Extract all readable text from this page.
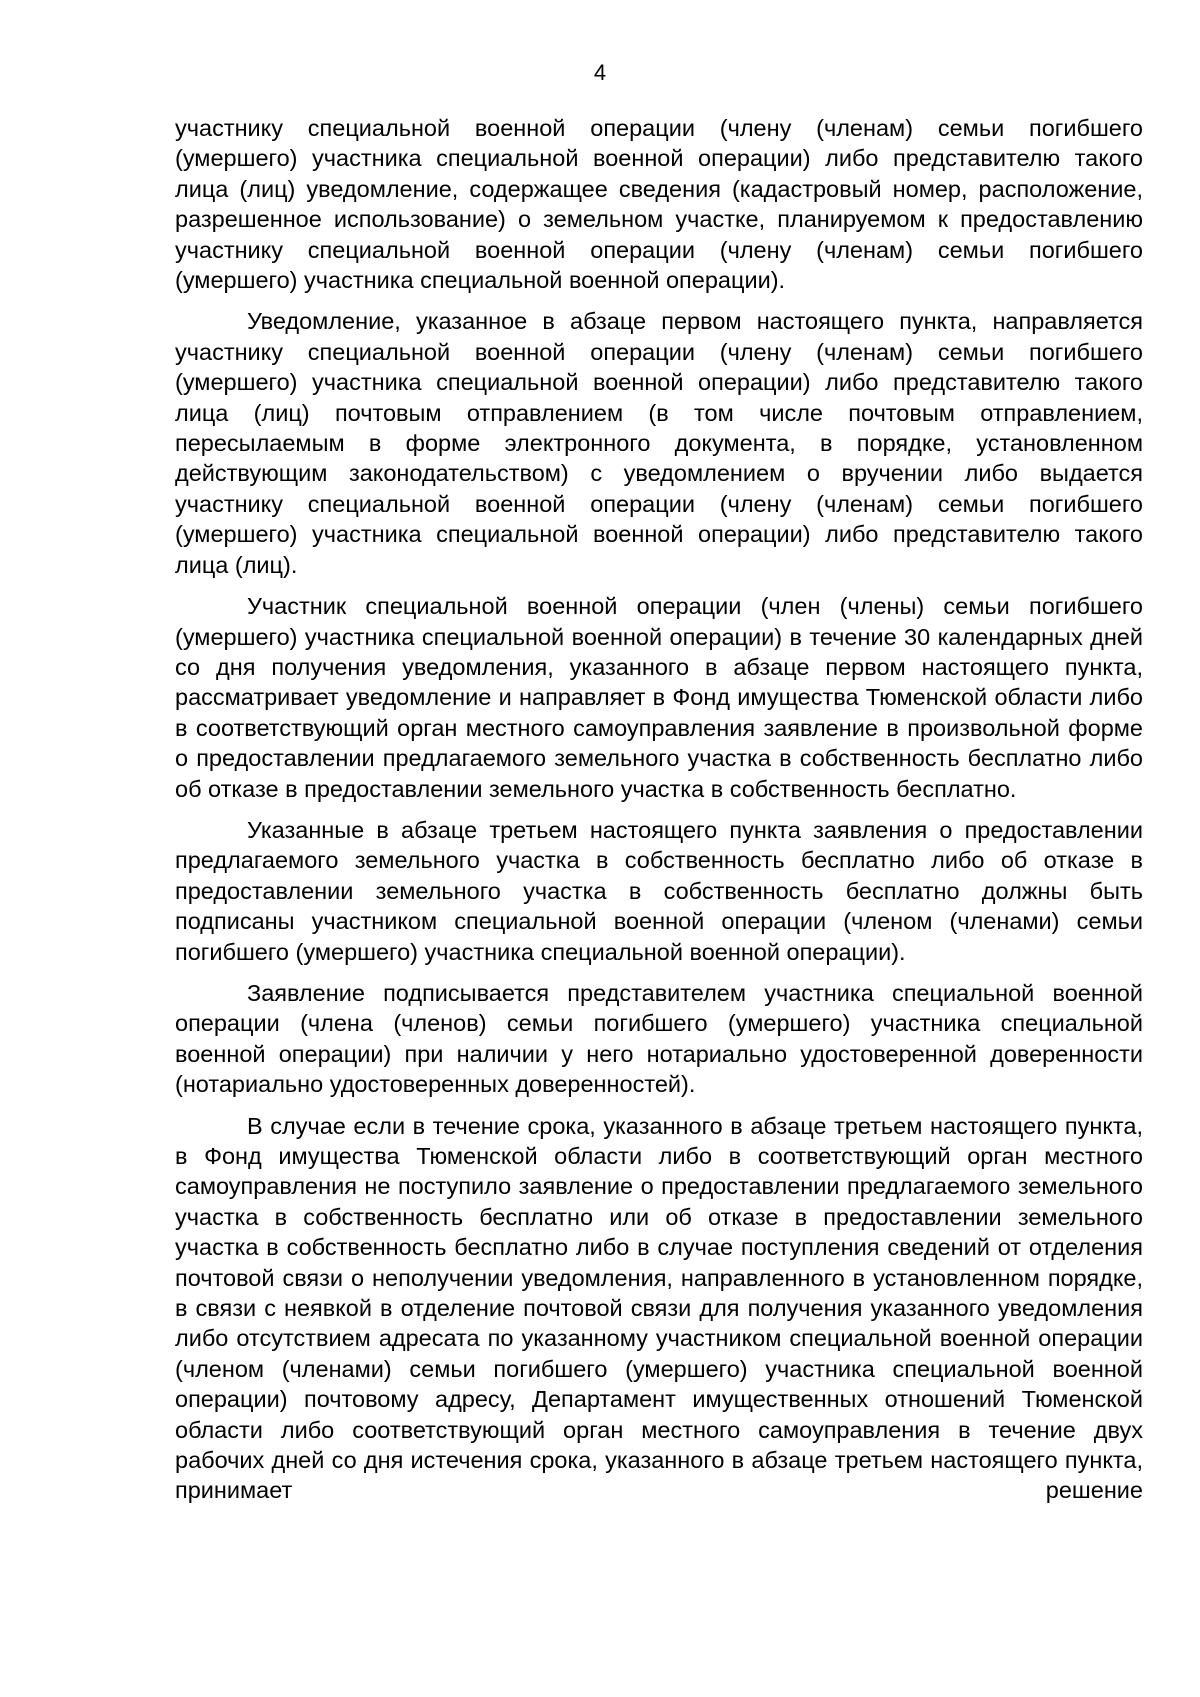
4

участнику специальной военной операции (члену (членам) семьи погибшего (умершего) участника специальной военной операции) либо представителю такого лица (лиц) уведомление, содержащее сведения (кадастровый номер, расположение, разрешенное использование) о земельном участке, планируемом к предоставлению участнику специальной военной операции (члену (членам) семьи погибшего (умершего) участника специальной военной операции).

Уведомление, указанное в абзаце первом настоящего пункта, направляется участнику специальной военной операции (члену (членам) семьи погибшего (умершего) участника специальной военной операции) либо представителю такого лица (лиц) почтовым отправлением (в том числе почтовым отправлением, пересылаемым в форме электронного документа, в порядке, установленном действующим законодательством) с уведомлением о вручении либо выдается участнику специальной военной операции (члену (членам) семьи погибшего (умершего) участника специальной военной операции) либо представителю такого лица (лиц).

Участник специальной военной операции (член (члены) семьи погибшего (умершего) участника специальной военной операции) в течение 30 календарных дней со дня получения уведомления, указанного в абзаце первом настоящего пункта, рассматривает уведомление и направляет в Фонд имущества Тюменской области либо в соответствующий орган местного самоуправления заявление в произвольной форме о предоставлении предлагаемого земельного участка в собственность бесплатно либо об отказе в предоставлении земельного участка в собственность бесплатно.

Указанные в абзаце третьем настоящего пункта заявления о предоставлении предлагаемого земельного участка в собственность бесплатно либо об отказе в предоставлении земельного участка в собственность бесплатно должны быть подписаны участником специальной военной операции (членом (членами) семьи погибшего (умершего) участника специальной военной операции).

Заявление подписывается представителем участника специальной военной операции (члена (членов) семьи погибшего (умершего) участника специальной военной операции) при наличии у него нотариально удостоверенной доверенности (нотариально удостоверенных доверенностей).

В случае если в течение срока, указанного в абзаце третьем настоящего пункта, в Фонд имущества Тюменской области либо в соответствующий орган местного самоуправления не поступило заявление о предоставлении предлагаемого земельного участка в собственность бесплатно или об отказе в предоставлении земельного участка в собственность бесплатно либо в случае поступления сведений от отделения почтовой связи о неполучении уведомления, направленного в установленном порядке, в связи с неявкой в отделение почтовой связи для получения указанного уведомления либо отсутствием адресата по указанному участником специальной военной операции (членом (членами) семьи погибшего (умершего) участника специальной военной операции) почтовому адресу, Департамент имущественных отношений Тюменской области либо соответствующий орган местного самоуправления в течение двух рабочих дней со дня истечения срока, указанного в абзаце третьем настоящего пункта, принимает решение
